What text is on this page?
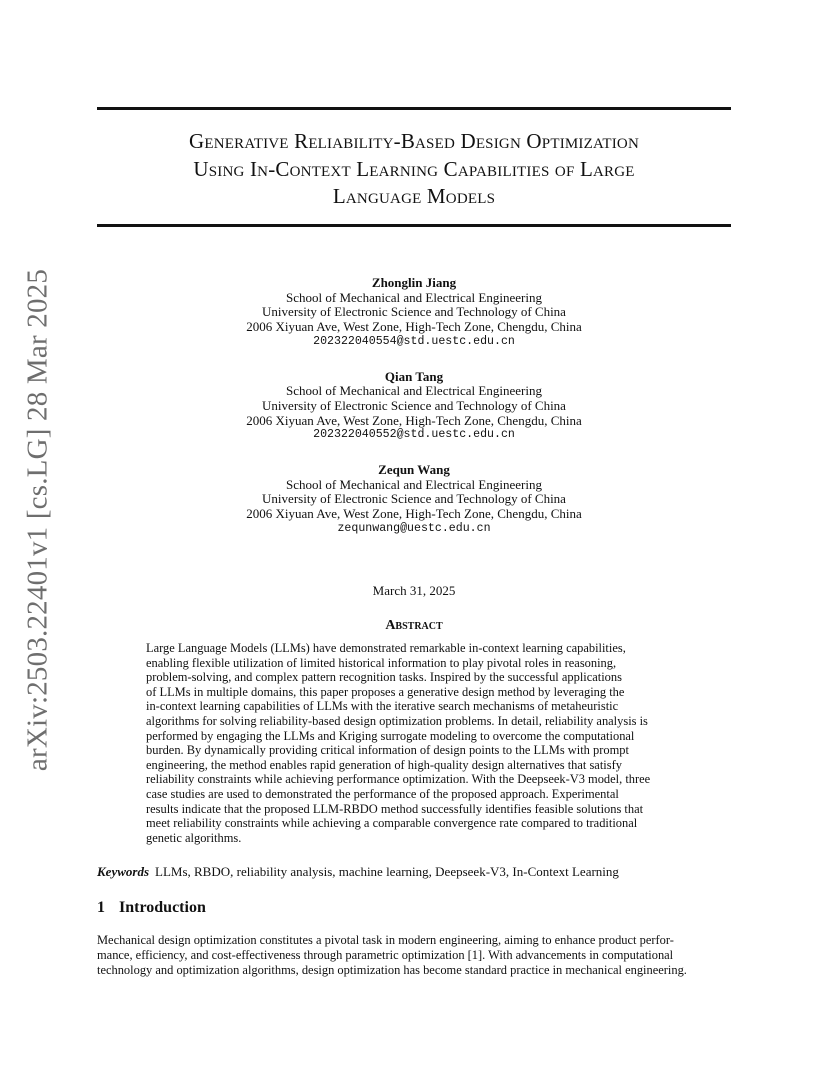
arXiv:2503.22401v1 [cs.LG] 28 Mar 2025
Generative Reliability-Based Design Optimization
Using In-Context Learning Capabilities of Large
Language Models
Zhonglin Jiang
School of Mechanical and Electrical Engineering
University of Electronic Science and Technology of China
2006 Xiyuan Ave, West Zone, High-Tech Zone, Chengdu, China
202322040554@std.uestc.edu.cn
Qian Tang
School of Mechanical and Electrical Engineering
University of Electronic Science and Technology of China
2006 Xiyuan Ave, West Zone, High-Tech Zone, Chengdu, China
202322040552@std.uestc.edu.cn
Zequn Wang
School of Mechanical and Electrical Engineering
University of Electronic Science and Technology of China
2006 Xiyuan Ave, West Zone, High-Tech Zone, Chengdu, China
zequnwang@uestc.edu.cn
March 31, 2025
Abstract
Large Language Models (LLMs) have demonstrated remarkable in-context learning capabilities,
enabling flexible utilization of limited historical information to play pivotal roles in reasoning,
problem-solving, and complex pattern recognition tasks. Inspired by the successful applications
of LLMs in multiple domains, this paper proposes a generative design method by leveraging the
in-context learning capabilities of LLMs with the iterative search mechanisms of metaheuristic
algorithms for solving reliability-based design optimization problems. In detail, reliability analysis is
performed by engaging the LLMs and Kriging surrogate modeling to overcome the computational
burden. By dynamically providing critical information of design points to the LLMs with prompt
engineering, the method enables rapid generation of high-quality design alternatives that satisfy
reliability constraints while achieving performance optimization. With the Deepseek-V3 model, three
case studies are used to demonstrated the performance of the proposed approach. Experimental
results indicate that the proposed LLM-RBDO method successfully identifies feasible solutions that
meet reliability constraints while achieving a comparable convergence rate compared to traditional
genetic algorithms.
Keywords LLMs, RBDO, reliability analysis, machine learning, Deepseek-V3, In-Context Learning
1 Introduction
Mechanical design optimization constitutes a pivotal task in modern engineering, aiming to enhance product perfor-
mance, efficiency, and cost-effectiveness through parametric optimization [1]. With advancements in computational
technology and optimization algorithms, design optimization has become standard practice in mechanical engineering.
